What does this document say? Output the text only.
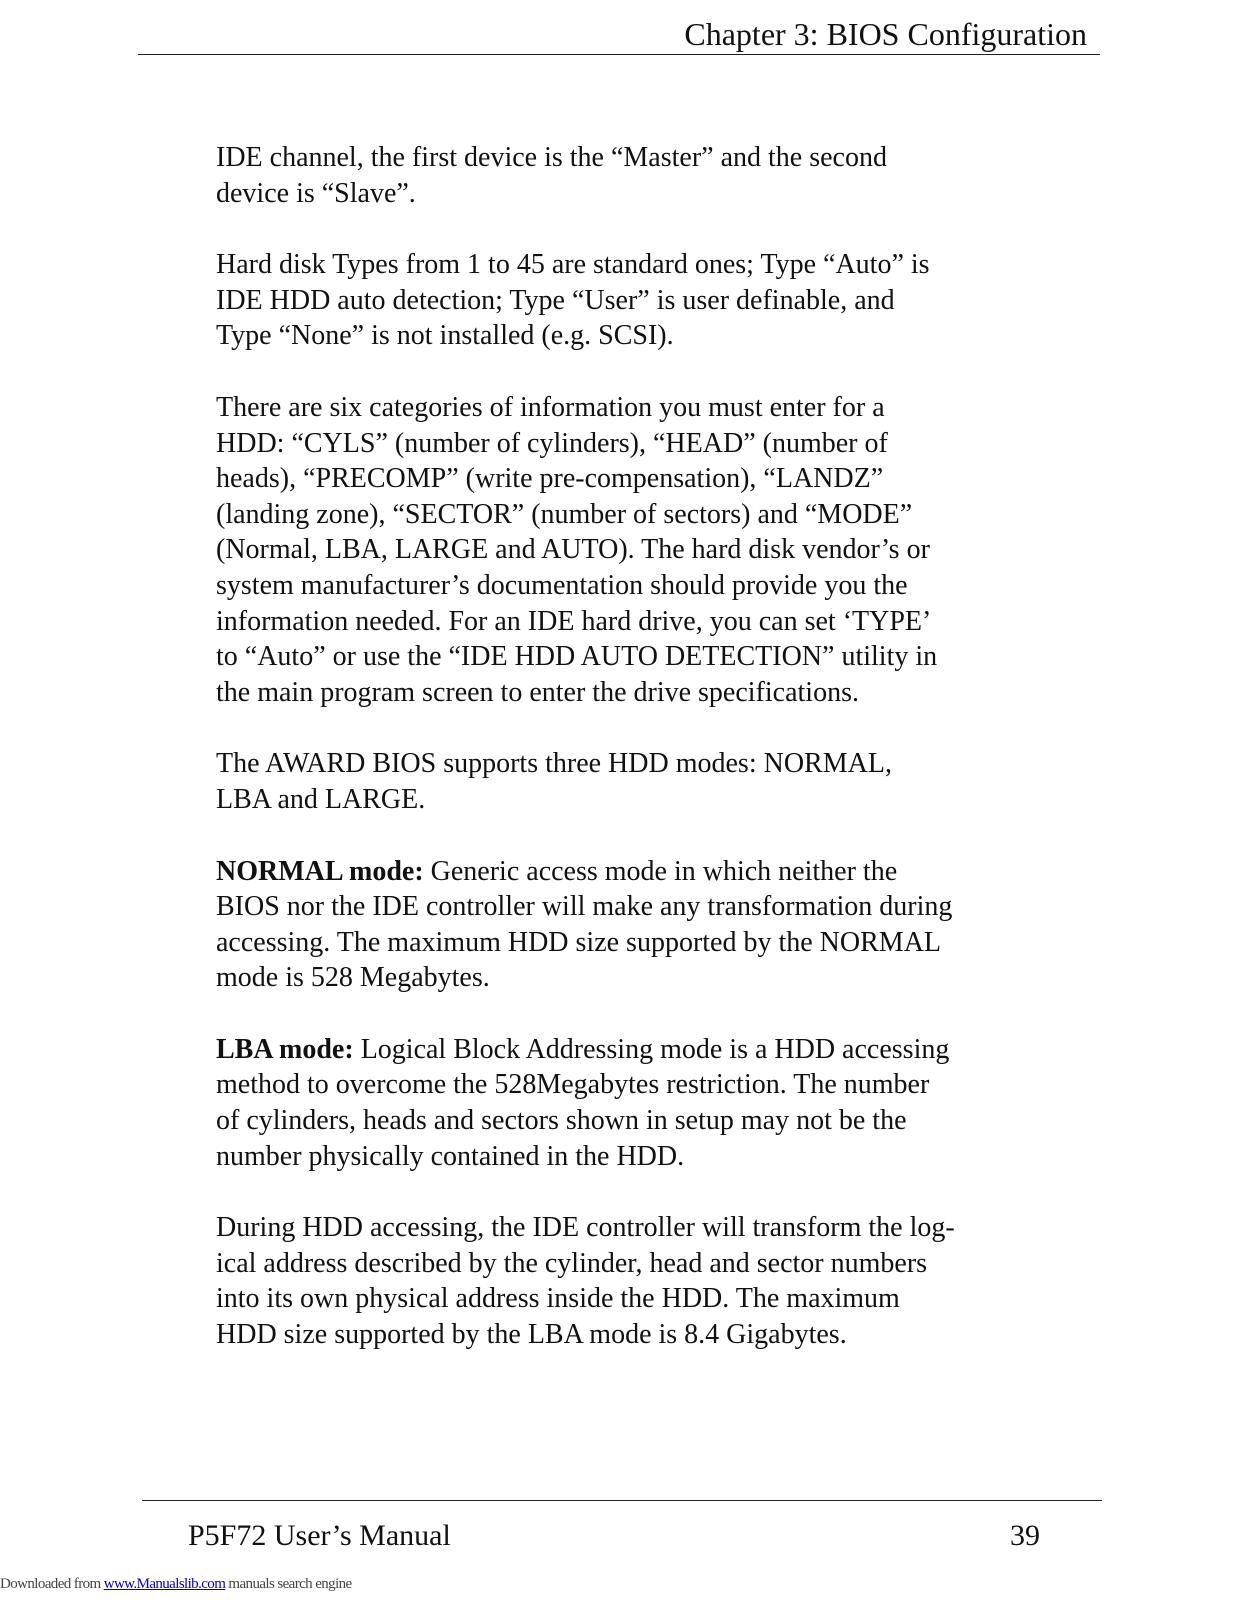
Chapter 3: BIOS Configuration

IDE channel, the first device is the “Master” and the second
device is “Slave”.

Hard disk Types from 1 to 45 are standard ones; Type “Auto” is
IDE HDD auto detection; Type “User” is user definable, and
Type “None” is not installed (e.g. SCSI).

There are six categories of information you must enter for a
HDD: “CYLS” (number of cylinders), “HEAD” (number of
heads), “PRECOMP” (write pre-compensation), “LANDZ”
(landing zone), “SECTOR” (number of sectors) and “MODE”
(Normal, LBA, LARGE and AUTO). The hard disk vendor’s or
system manufacturer’s documentation should provide you the
information needed. For an IDE hard drive, you can set ‘TYPE’
to “Auto” or use the “IDE HDD AUTO DETECTION” utility in
the main program screen to enter the drive specifications.

The AWARD BIOS supports three HDD modes: NORMAL,
LBA and LARGE.

NORMAL mode: Generic access mode in which neither the
BIOS nor the IDE controller will make any transformation during
accessing. The maximum HDD size supported by the NORMAL
mode is 528 Megabytes.

LBA mode: Logical Block Addressing mode is a HDD accessing
method to overcome the 528Megabytes restriction. The number
of cylinders, heads and sectors shown in setup may not be the
number physically contained in the HDD.

During HDD accessing, the IDE controller will transform the log-
ical address described by the cylinder, head and sector numbers
into its own physical address inside the HDD. The maximum
HDD size supported by the LBA mode is 8.4 Gigabytes.

P5F72 User’s Manual	39
Downloaded from www.Manualslib.com manuals search engine
